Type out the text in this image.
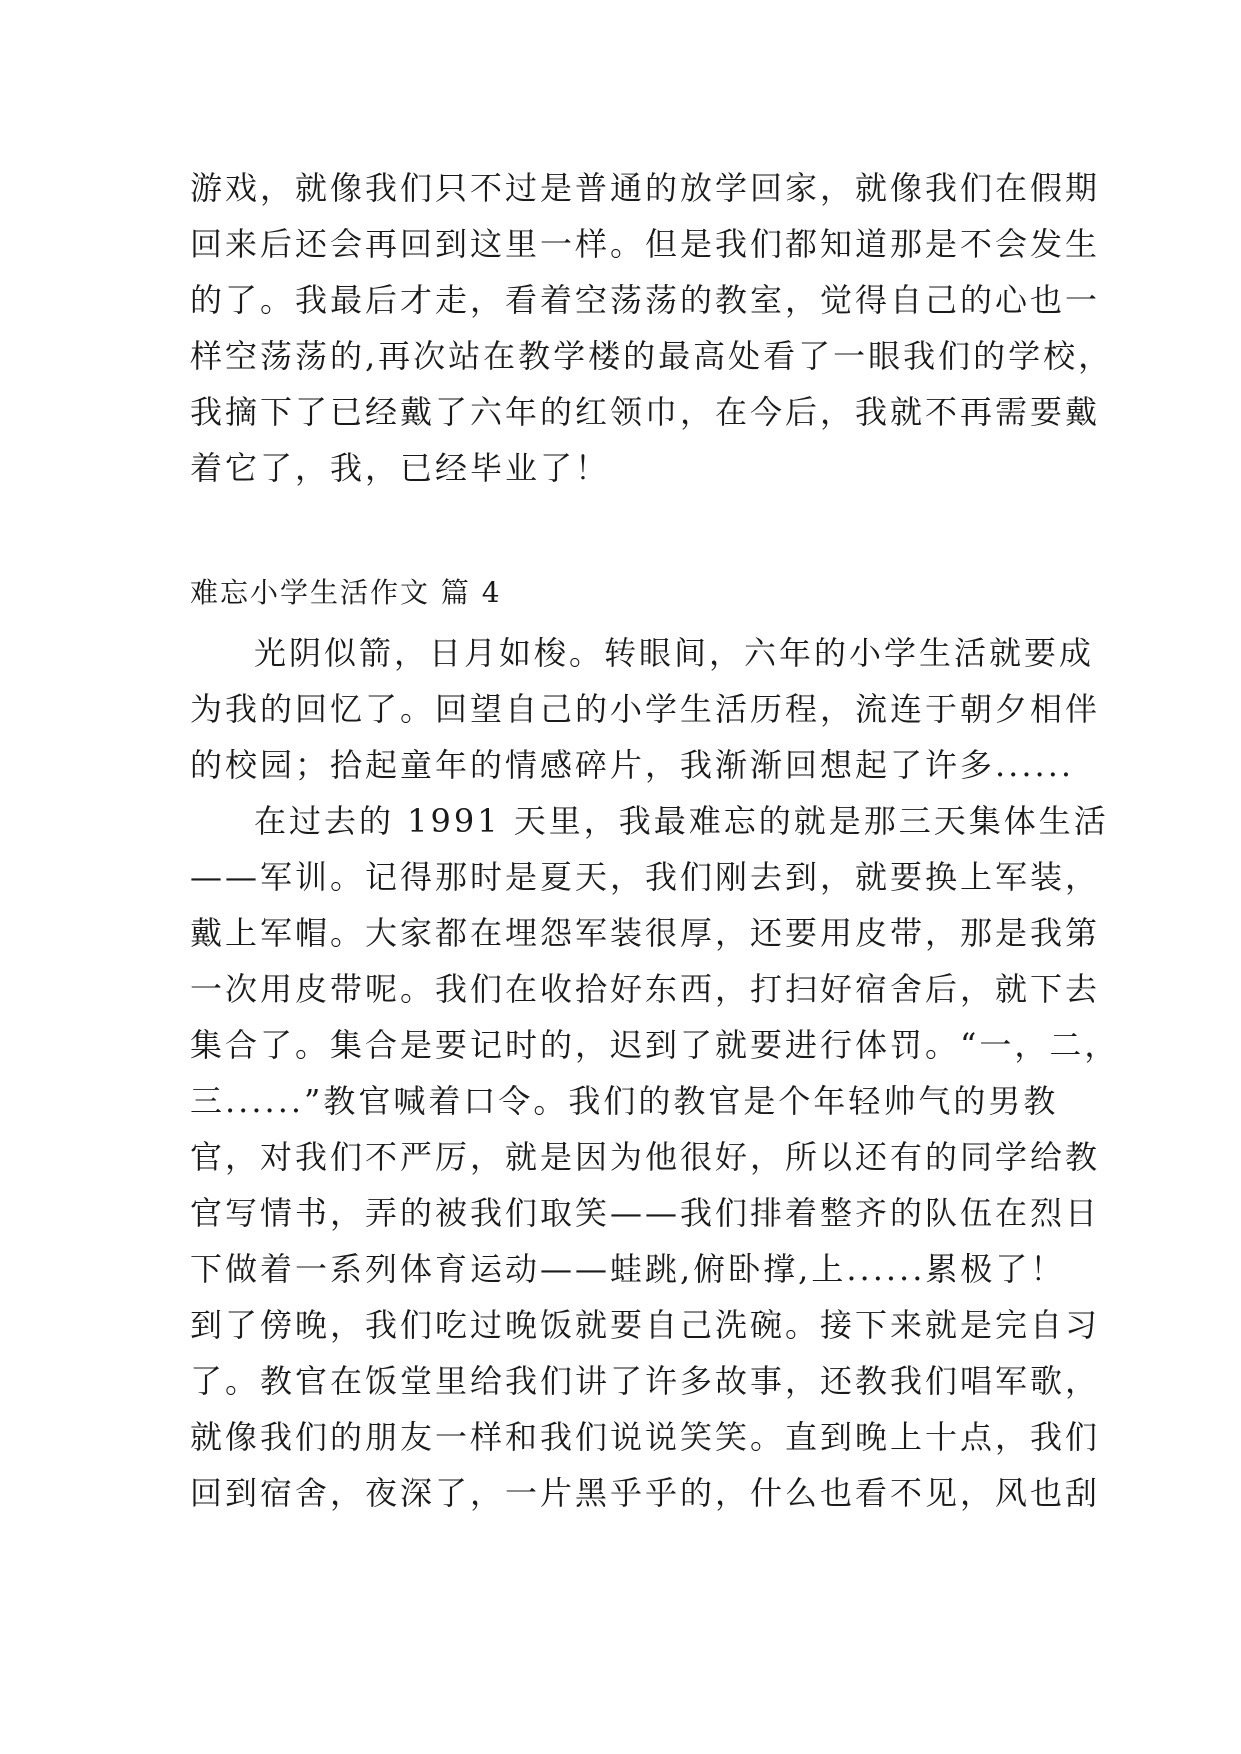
游戏，就像我们只不过是普通的放学回家，就像我们在假期
回来后还会再回到这里一样。但是我们都知道那是不会发生
的了。我最后才走，看着空荡荡的教室，觉得自己的心也一
样空荡荡的,再次站在教学楼的最高处看了一眼我们的学校，
我摘下了已经戴了六年的红领巾，在今后，我就不再需要戴
着它了，我，已经毕业了！
难忘小学生活作文 篇 4
光阴似箭，日月如梭。转眼间，六年的小学生活就要成
为我的回忆了。回望自己的小学生活历程，流连于朝夕相伴
的校园；拾起童年的情感碎片，我渐渐回想起了许多......
在过去的 1991 天里，我最难忘的就是那三天集体生活
——军训。记得那时是夏天，我们刚去到，就要换上军装，
戴上军帽。大家都在埋怨军装很厚，还要用皮带，那是我第
一次用皮带呢。我们在收拾好东西，打扫好宿舍后，就下去
集合了。集合是要记时的，迟到了就要进行体罚。“一，二，
三......”教官喊着口令。我们的教官是个年轻帅气的男教
官，对我们不严厉，就是因为他很好，所以还有的同学给教
官写情书，弄的被我们取笑——我们排着整齐的队伍在烈日
下做着一系列体育运动——蛙跳,俯卧撑,上......累极了！
到了傍晚，我们吃过晚饭就要自己洗碗。接下来就是完自习
了。教官在饭堂里给我们讲了许多故事，还教我们唱军歌，
就像我们的朋友一样和我们说说笑笑。直到晚上十点，我们
回到宿舍，夜深了，一片黑乎乎的，什么也看不见，风也刮
